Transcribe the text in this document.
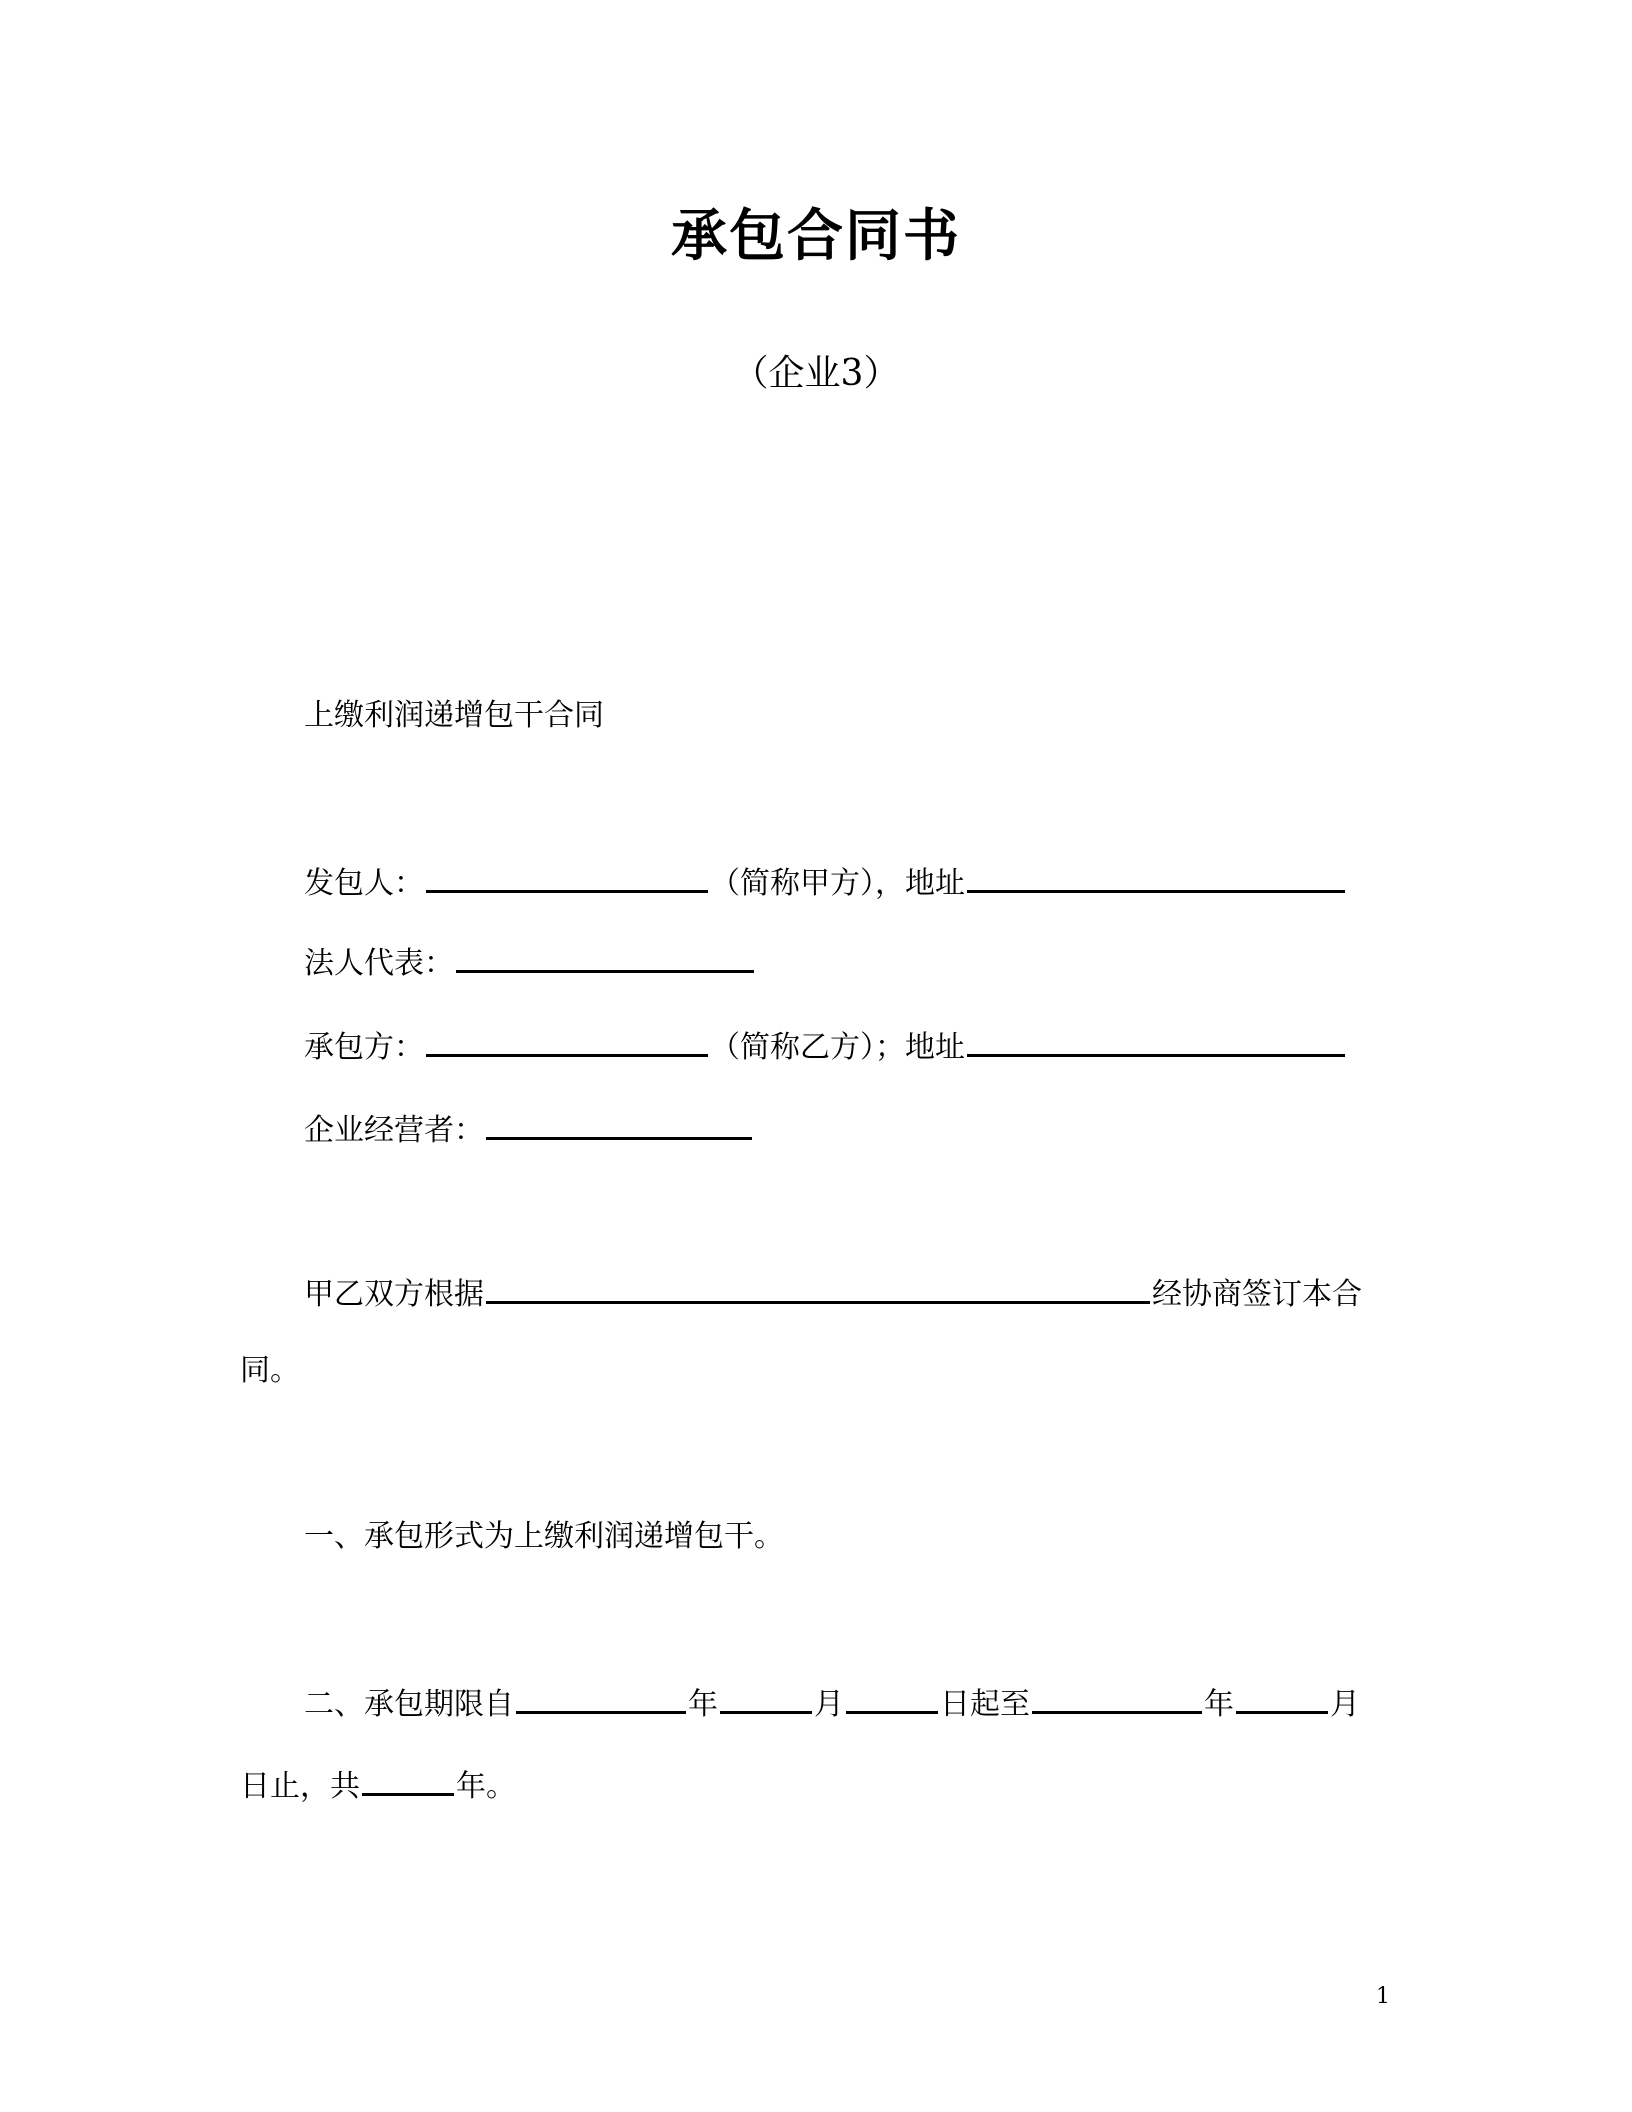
承包合同书
（企业3）
上缴利润递增包干合同
发包人：	（简称甲方），地址
法人代表：
承包方：	（简称乙方）；地址
企业经营者：
甲乙双方根据	经协商签订本合
同。
一、承包形式为上缴利润递增包干。
二、承包期限自	年	月	日起至	年	月
日止，共	年。
1
